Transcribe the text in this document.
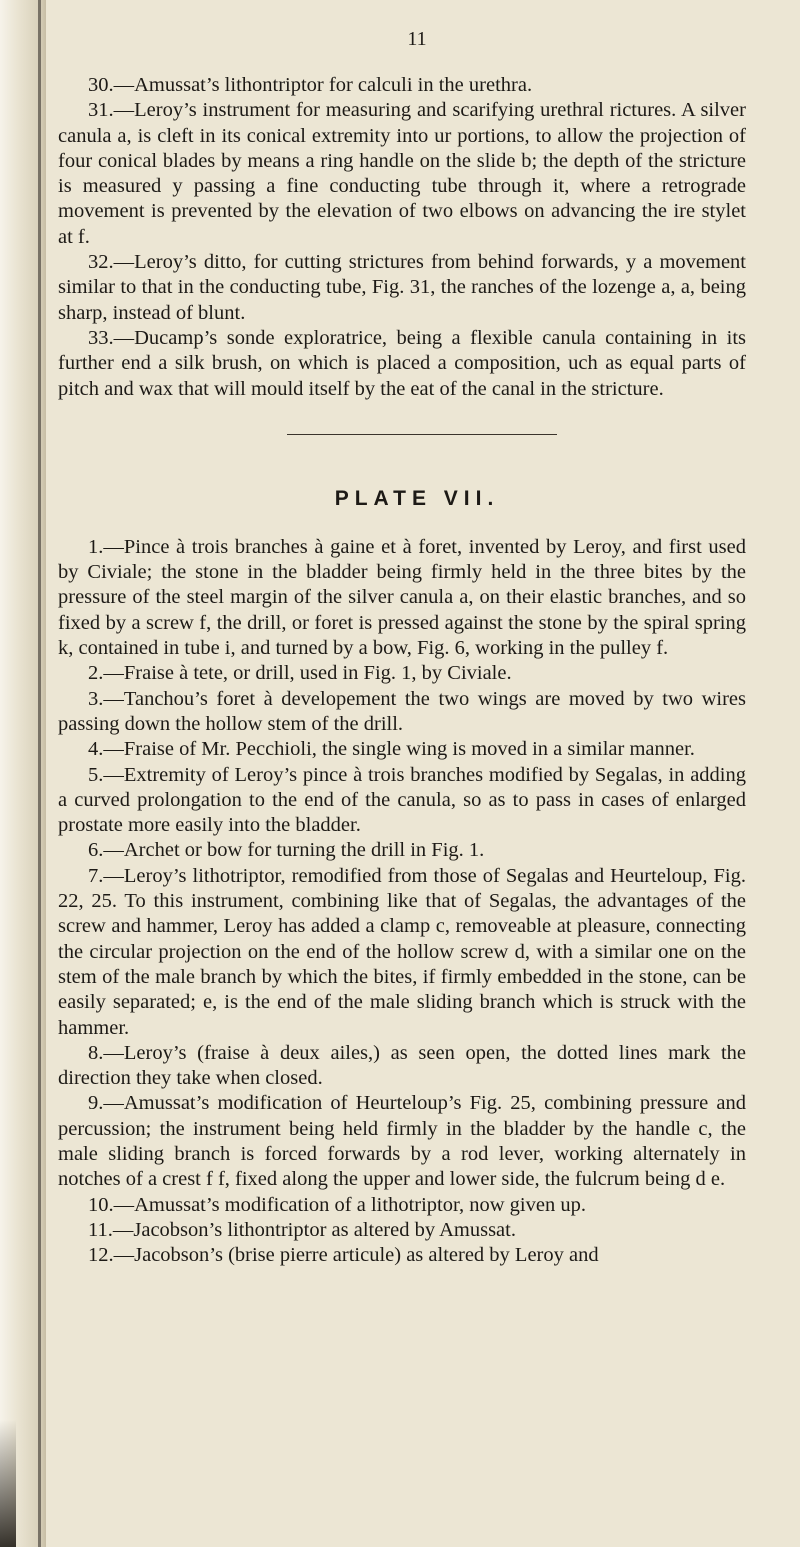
11

30.—Amussat’s lithontriptor for calculi in the urethra.

31.—Leroy’s instrument for measuring and scarifying urethral rictures. A silver canula a, is cleft in its conical extremity into ur portions, to allow the projection of four conical blades by means a ring handle on the slide b; the depth of the stricture is measured y passing a fine conducting tube through it, where a retrograde movement is prevented by the elevation of two elbows on advancing the ire stylet at f.

32.—Leroy’s ditto, for cutting strictures from behind forwards, y a movement similar to that in the conducting tube, Fig. 31, the ranches of the lozenge a, a, being sharp, instead of blunt.

33.—Ducamp’s sonde exploratrice, being a flexible canula containing in its further end a silk brush, on which is placed a composition, uch as equal parts of pitch and wax that will mould itself by the eat of the canal in the stricture.

PLATE VII.

1.—Pince à trois branches à gaine et à foret, invented by Leroy, and first used by Civiale; the stone in the bladder being firmly held in the three bites by the pressure of the steel margin of the silver canula a, on their elastic branches, and so fixed by a screw f, the drill, or foret is pressed against the stone by the spiral spring k, contained in tube i, and turned by a bow, Fig. 6, working in the pulley f.

2.—Fraise à tete, or drill, used in Fig. 1, by Civiale.

3.—Tanchou’s foret à developement the two wings are moved by two wires passing down the hollow stem of the drill.

4.—Fraise of Mr. Pecchioli, the single wing is moved in a similar manner.

5.—Extremity of Leroy’s pince à trois branches modified by Segalas, in adding a curved prolongation to the end of the canula, so as to pass in cases of enlarged prostate more easily into the bladder.

6.—Archet or bow for turning the drill in Fig. 1.

7.—Leroy’s lithotriptor, remodified from those of Segalas and Heurteloup, Fig. 22, 25. To this instrument, combining like that of Segalas, the advantages of the screw and hammer, Leroy has added a clamp c, removeable at pleasure, connecting the circular projection on the end of the hollow screw d, with a similar one on the stem of the male branch by which the bites, if firmly embedded in the stone, can be easily separated; e, is the end of the male sliding branch which is struck with the hammer.

8.—Leroy’s (fraise à deux ailes,) as seen open, the dotted lines mark the direction they take when closed.

9.—Amussat’s modification of Heurteloup’s Fig. 25, combining pressure and percussion; the instrument being held firmly in the bladder by the handle c, the male sliding branch is forced forwards by a rod lever, working alternately in notches of a crest f f, fixed along the upper and lower side, the fulcrum being d e.

10.—Amussat’s modification of a lithotriptor, now given up.

11.—Jacobson’s lithontriptor as altered by Amussat.

12.—Jacobson’s (brise pierre articule) as altered by Leroy and
